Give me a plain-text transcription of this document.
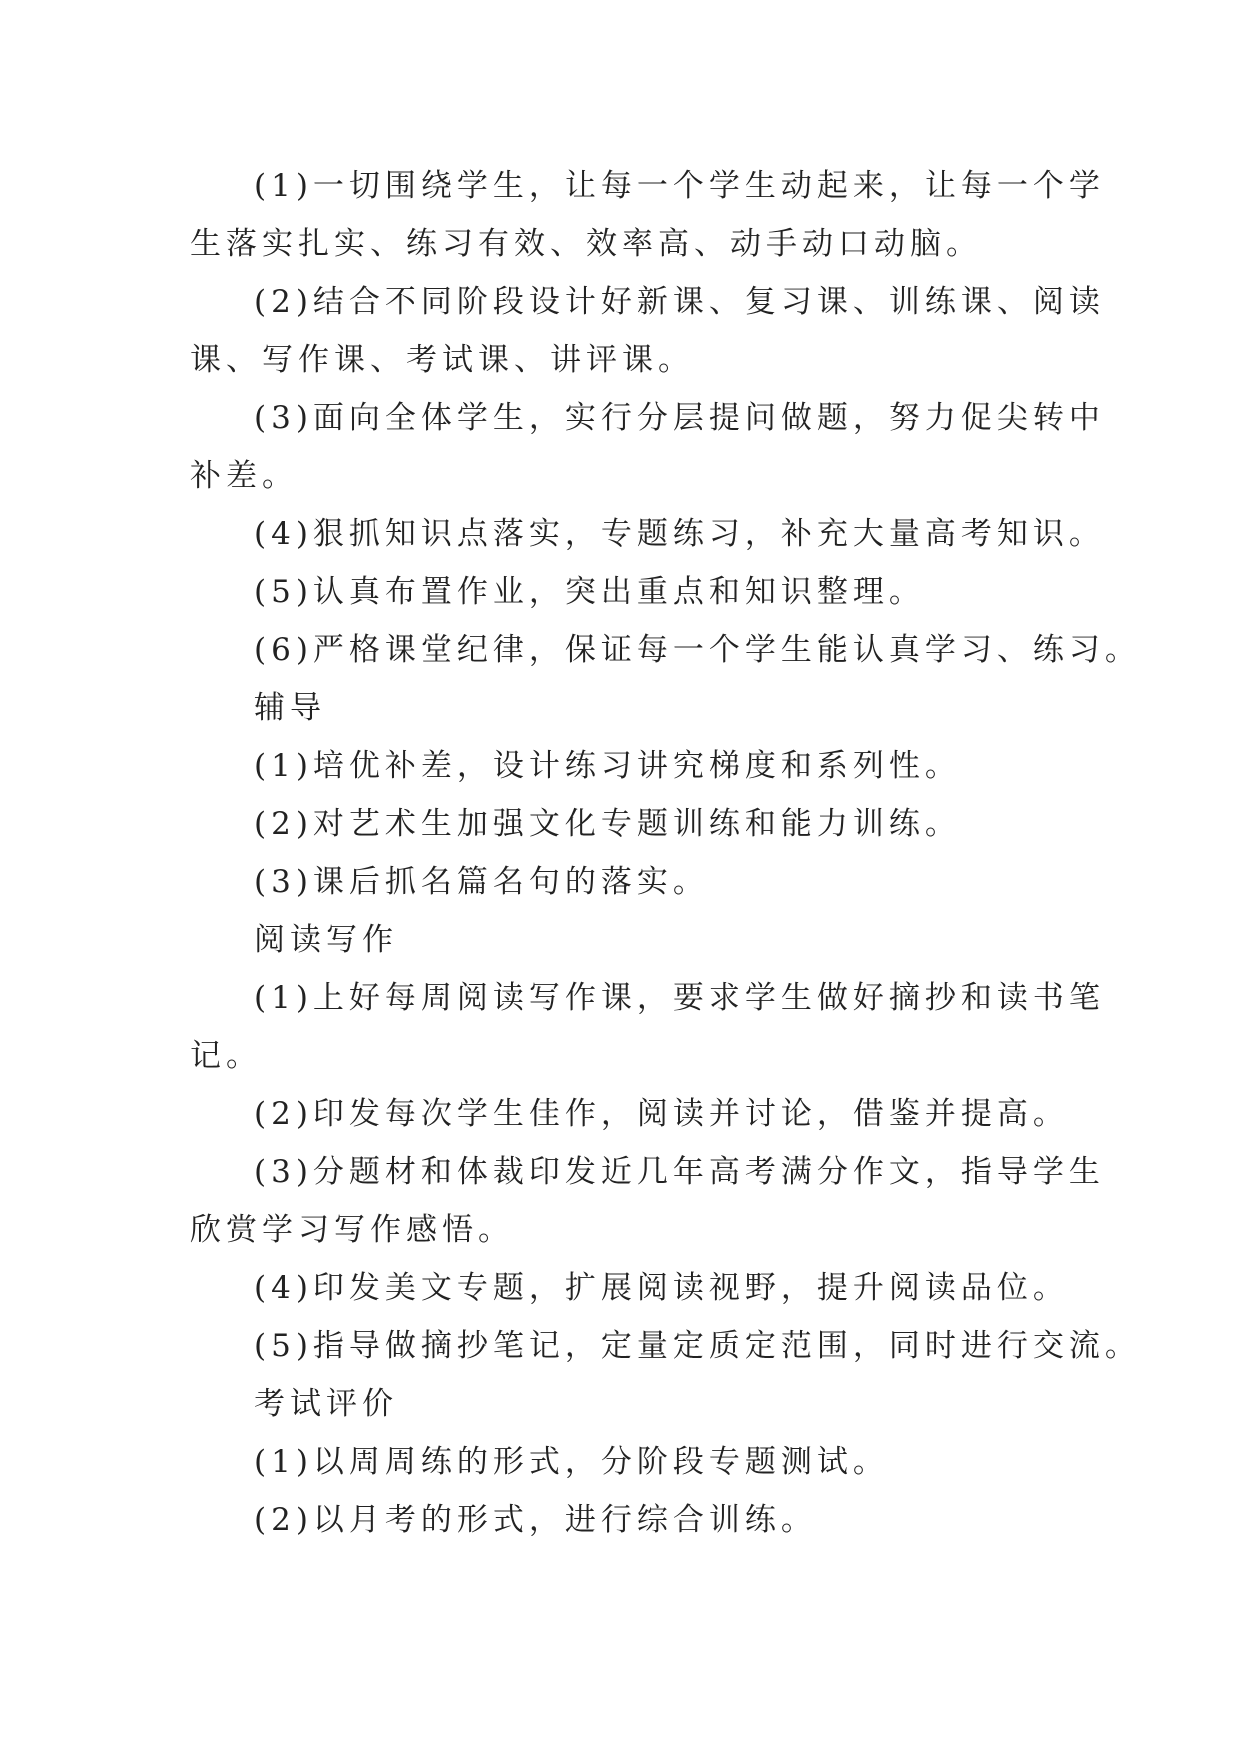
(1)一切围绕学生，让每一个学生动起来，让每一个学
生落实扎实、练习有效、效率高、动手动口动脑。
(2)结合不同阶段设计好新课、复习课、训练课、阅读
课、写作课、考试课、讲评课。
(3)面向全体学生，实行分层提问做题，努力促尖转中
补差。
(4)狠抓知识点落实，专题练习，补充大量高考知识。
(5)认真布置作业，突出重点和知识整理。
(6)严格课堂纪律，保证每一个学生能认真学习、练习。
辅导
(1)培优补差，设计练习讲究梯度和系列性。
(2)对艺术生加强文化专题训练和能力训练。
(3)课后抓名篇名句的落实。
阅读写作
(1)上好每周阅读写作课，要求学生做好摘抄和读书笔
记。
(2)印发每次学生佳作，阅读并讨论，借鉴并提高。
(3)分题材和体裁印发近几年高考满分作文，指导学生
欣赏学习写作感悟。
(4)印发美文专题，扩展阅读视野，提升阅读品位。
(5)指导做摘抄笔记，定量定质定范围，同时进行交流。
考试评价
(1)以周周练的形式，分阶段专题测试。
(2)以月考的形式，进行综合训练。
